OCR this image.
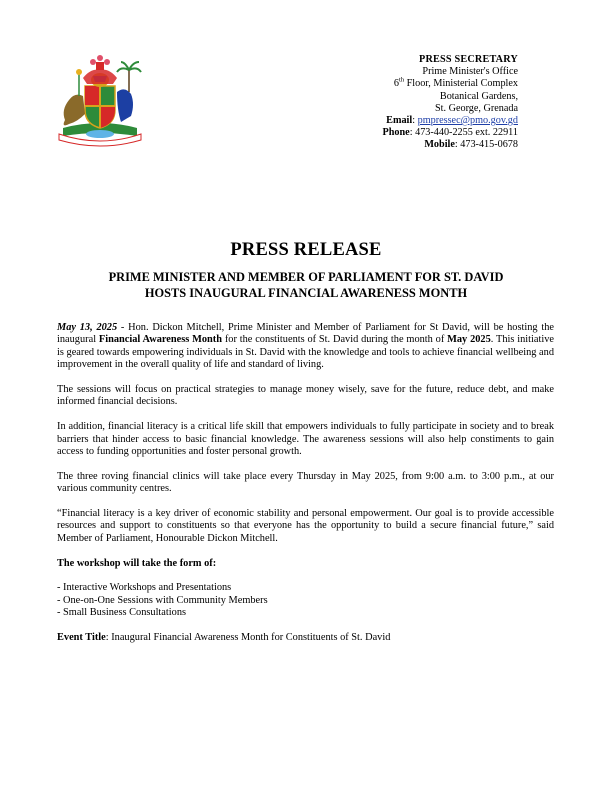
PRESS SECRETARY
Prime Minister's Office
6th Floor, Ministerial Complex
Botanical Gardens,
St. George, Grenada
Email: pmpressec@pmo.gov.gd
Phone: 473-440-2255 ext. 22911
Mobile: 473-415-0678
PRESS RELEASE
PRIME MINISTER AND MEMBER OF PARLIAMENT FOR ST. DAVID
HOSTS INAUGURAL FINANCIAL AWARENESS MONTH

May 13, 2025 - Hon. Dickon Mitchell, Prime Minister and Member of Parliament for St David, will be hosting the inaugural Financial Awareness Month for the constituents of St. David during the month of May 2025. This initiative is geared towards empowering individuals in St. David with the knowledge and tools to achieve financial wellbeing and improvement in the overall quality of life and standard of living.

The sessions will focus on practical strategies to manage money wisely, save for the future, reduce debt, and make informed financial decisions.

In addition, financial literacy is a critical life skill that empowers individuals to fully participate in society and to break barriers that hinder access to basic financial knowledge. The awareness sessions will also help constiments to gain access to funding opportunities and foster personal growth.

The three roving financial clinics will take place every Thursday in May 2025, from 9:00 a.m. to 3:00 p.m., at our various community centres.

“Financial literacy is a key driver of economic stability and personal empowerment. Our goal is to provide accessible resources and support to constituents so that everyone has the opportunity to build a secure financial future,” said Member of Parliament, Honourable Dickon Mitchell.

The workshop will take the form of:

- Interactive Workshops and Presentations
- One-on-One Sessions with Community Members
- Small Business Consultations

Event Title: Inaugural Financial Awareness Month for Constituents of St. David
